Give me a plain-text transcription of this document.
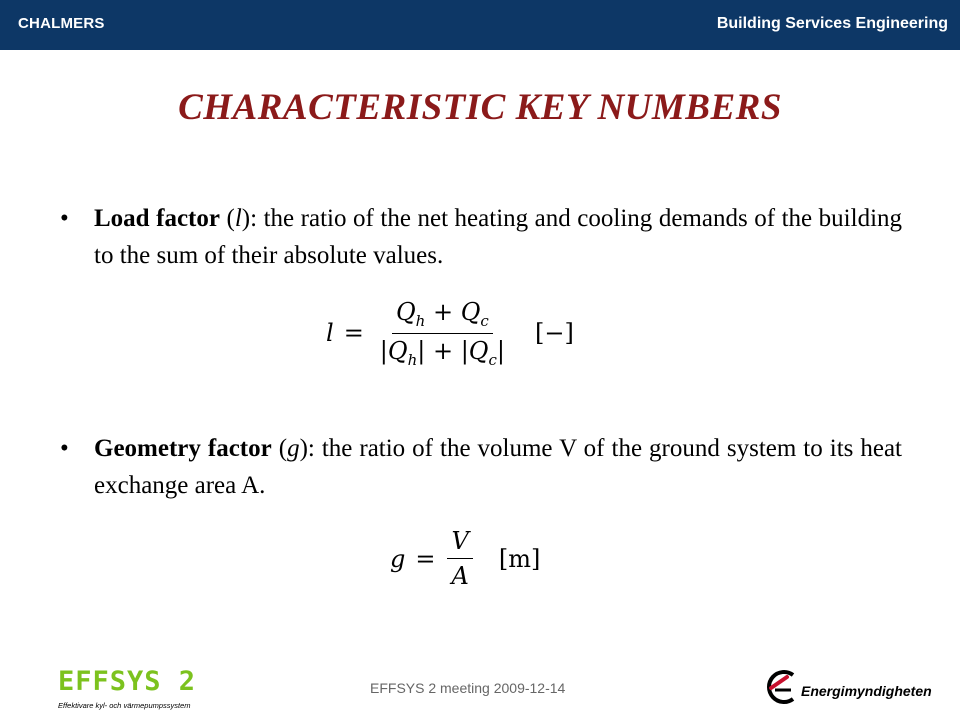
CHALMERS	Building Services Engineering
CHARACTERISTIC KEY NUMBERS
• Load factor (l): the ratio of the net heating and cooling demands of the building to the sum of their absolute values.
$l = \frac{Q_h + Q_c}{|Q_h| + |Q_c|}$ [−]
• Geometry factor (g): the ratio of the volume V of the ground system to its heat exchange area A.
$g = \frac{V}{A} [m]$
EFFSYS 2
Effektivare kyl- och värmepumpssystem
EFFSYS 2 meeting 2009-12-14	Energimyndigheten
